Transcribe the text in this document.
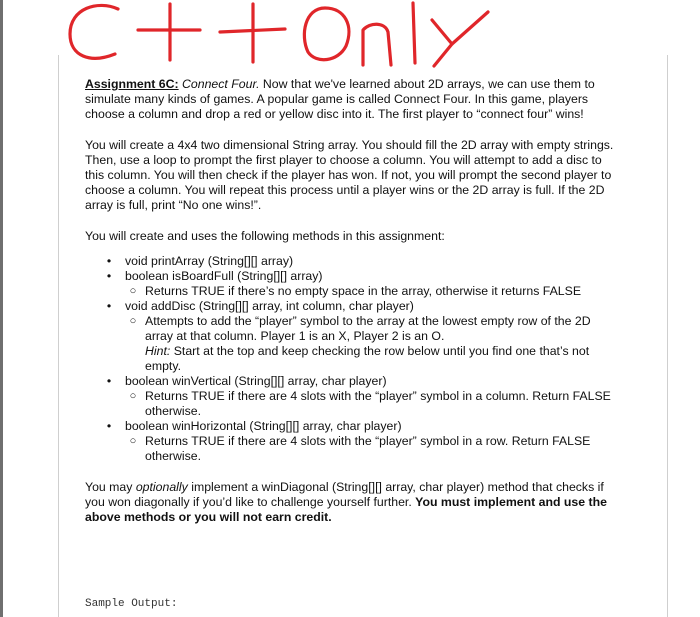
Assignment 6C: Connect Four. Now that we've learned about 2D arrays, we can use them to simulate many kinds of games. A popular game is called Connect Four. In this game, players choose a column and drop a red or yellow disc into it. The first player to “connect four” wins!

You will create a 4x4 two dimensional String array. You should fill the 2D array with empty strings. Then, use a loop to prompt the first player to choose a column. You will attempt to add a disc to this column. You will then check if the player has won. If not, you will prompt the second player to choose a column. You will repeat this process until a player wins or the 2D array is full. If the 2D array is full, print “No one wins!”.

You will create and uses the following methods in this assignment:

•	void printArray (String[][] array)
•	boolean isBoardFull (String[][] array)
○ Returns TRUE if there’s no empty space in the array, otherwise it returns FALSE
•	void addDisc (String[][] array, int column, char player)
○ Attempts to add the “player” symbol to the array at the lowest empty row of the 2D array at that column. Player 1 is an X, Player 2 is an O.
Hint: Start at the top and keep checking the row below until you find one that’s not empty.
•	boolean winVertical (String[][] array, char player)
○ Returns TRUE if there are 4 slots with the “player” symbol in a column. Return FALSE otherwise.
•	boolean winHorizontal (String[][] array, char player)
○ Returns TRUE if there are 4 slots with the “player” symbol in a row. Return FALSE otherwise.

You may optionally implement a winDiagonal (String[][] array, char player) method that checks if you won diagonally if you’d like to challenge yourself further. You must implement and use the above methods or you will not earn credit.

Sample Output:
